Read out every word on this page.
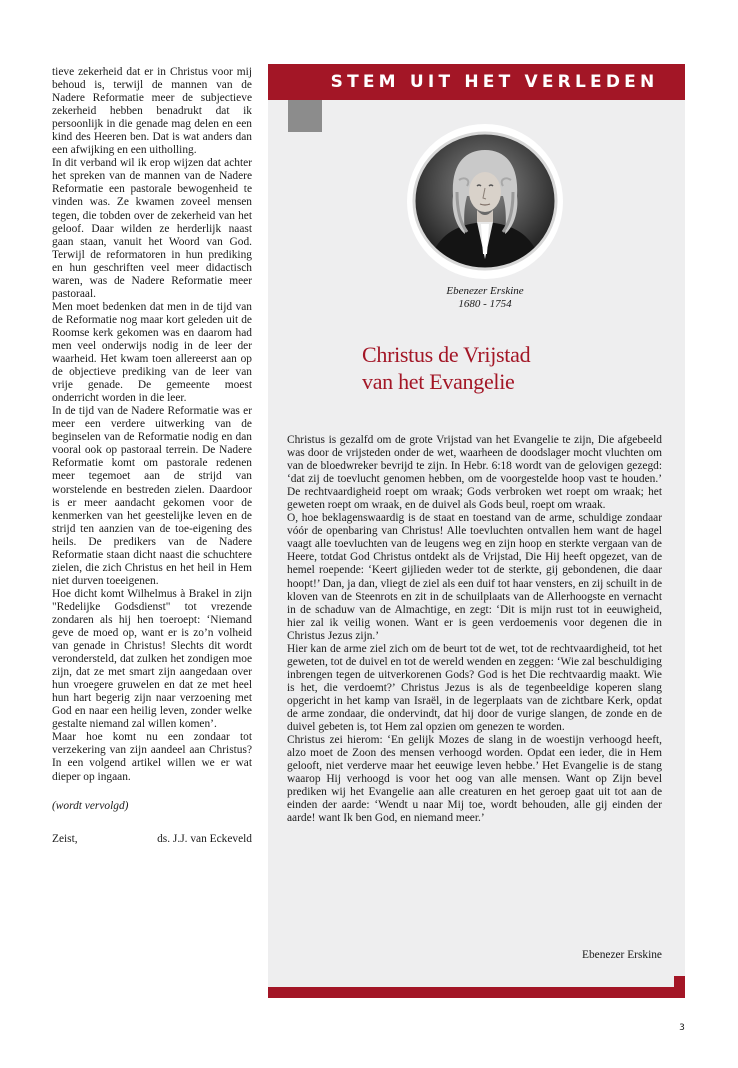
tieve zekerheid dat er in Christus voor mij behoud is, terwijl de mannen van de Nadere Reformatie meer de subjectieve zekerheid hebben benadrukt dat ik persoonlijk in die genade mag delen en een kind des Heeren ben. Dat is wat anders dan een afwijking en een uitholling.

In dit verband wil ik erop wijzen dat achter het spreken van de mannen van de Nadere Reformatie een pastorale bewogenheid te vinden was. Ze kwamen zoveel mensen tegen, die tobden over de zekerheid van het geloof. Daar wilden ze herderlijk naast gaan staan, vanuit het Woord van God. Terwijl de reformatoren in hun prediking en hun geschriften veel meer didactisch waren, was de Nadere Reformatie meer pastoraal.

Men moet bedenken dat men in de tijd van de Reformatie nog maar kort geleden uit de Roomse kerk gekomen was en daarom had men veel onderwijs nodig in de leer der waarheid. Het kwam toen allereerst aan op de objectieve prediking van de leer van vrije genade. De gemeente moest onderricht worden in die leer.

In de tijd van de Nadere Reformatie was er meer een verdere uitwerking van de beginselen van de Reformatie nodig en dan vooral ook op pastoraal terrein. De Nadere Reformatie komt om pastorale redenen meer tegemoet aan de strijd van worstelende en bestreden zielen. Daardoor is er meer aandacht gekomen voor de kenmerken van het geestelijke leven en de strijd ten aanzien van de toe-eigening des heils. De predikers van de Nadere Reformatie staan dicht naast die schuchtere zielen, die zich Christus en het heil in Hem niet durven toeeigenen.

Hoe dicht komt Wilhelmus à Brakel in zijn "Redelijke Godsdienst" tot vrezende zondaren als hij hen toeroept: ‘Niemand geve de moed op, want er is zo’n volheid van genade in Christus! Slechts dit wordt verondersteld, dat zulken het zondigen moe zijn, dat ze met smart zijn aangedaan over hun vroegere gruwelen en dat ze met heel hun hart begerig zijn naar verzoening met God en naar een heilig leven, zonder welke gestalte niemand zal willen komen’.

Maar hoe komt nu een zondaar tot verzekering van zijn aandeel aan Christus? In een volgend artikel willen we er wat dieper op ingaan.

(wordt vervolgd)

Zeist,	ds. J.J. van Eckeveld
STEM UIT HET VERLEDEN
Ebenezer Erskine
1680 - 1754
Christus de Vrijstad
van het Evangelie

Christus is gezalfd om de grote Vrijstad van het Evangelie te zijn, Die afgebeeld was door de vrijsteden onder de wet, waarheen de doodslager mocht vluchten om van de bloedwreker bevrijd te zijn. In Hebr. 6:18 wordt van de gelovigen gezegd: ‘dat zij de toevlucht genomen hebben, om de voorgestelde hoop vast te houden.’ De rechtvaardigheid roept om wraak; Gods verbroken wet roept om wraak; het geweten roept om wraak, en de duivel als Gods beul, roept om wraak.

O, hoe beklagenswaardig is de staat en toestand van de arme, schuldige zondaar vóór de openbaring van Christus! Alle toevluchten ontvallen hem want de hagel vaagt alle toevluchten van de leugens weg en zijn hoop en sterkte vergaan van de Heere, totdat God Christus ontdekt als de Vrijstad, Die Hij heeft opgezet, van de hemel roepende: ‘Keert gijlieden weder tot de sterkte, gij gebondenen, die daar hoopt!’ Dan, ja dan, vliegt de ziel als een duif tot haar vensters, en zij schuilt in de kloven van de Steenrots en zit in de schuilplaats van de Allerhoogste en vernacht in de schaduw van de Almachtige, en zegt: ‘Dit is mijn rust tot in eeuwigheid, hier zal ik veilig wonen. Want er is geen verdoemenis voor degenen die in Christus Jezus zijn.’

Hier kan de arme ziel zich om de beurt tot de wet, tot de rechtvaardigheid, tot het geweten, tot de duivel en tot de wereld wenden en zeggen: ‘Wie zal beschuldiging inbrengen tegen de uitverkorenen Gods? God is het Die rechtvaardig maakt. Wie is het, die verdoemt?’ Christus Jezus is als de tegenbeeldige koperen slang opgericht in het kamp van Israël, in de legerplaats van de zichtbare Kerk, opdat de arme zondaar, die ondervindt, dat hij door de vurige slangen, de zonde en de duivel gebeten is, tot Hem zal opzien om genezen te worden.

Christus zei hierom: ‘En gelijk Mozes de slang in de woestijn verhoogd heeft, alzo moet de Zoon des mensen verhoogd worden. Opdat een ieder, die in Hem gelooft, niet verderve maar het eeuwige leven hebbe.’ Het Evangelie is de stang waarop Hij verhoogd is voor het oog van alle mensen. Want op Zijn bevel prediken wij het Evangelie aan alle creaturen en het geroep gaat uit tot aan de einden der aarde: ‘Wendt u naar Mij toe, wordt behouden, alle gij einden der aarde! want Ik ben God, en niemand meer.’

Ebenezer Erskine
3
